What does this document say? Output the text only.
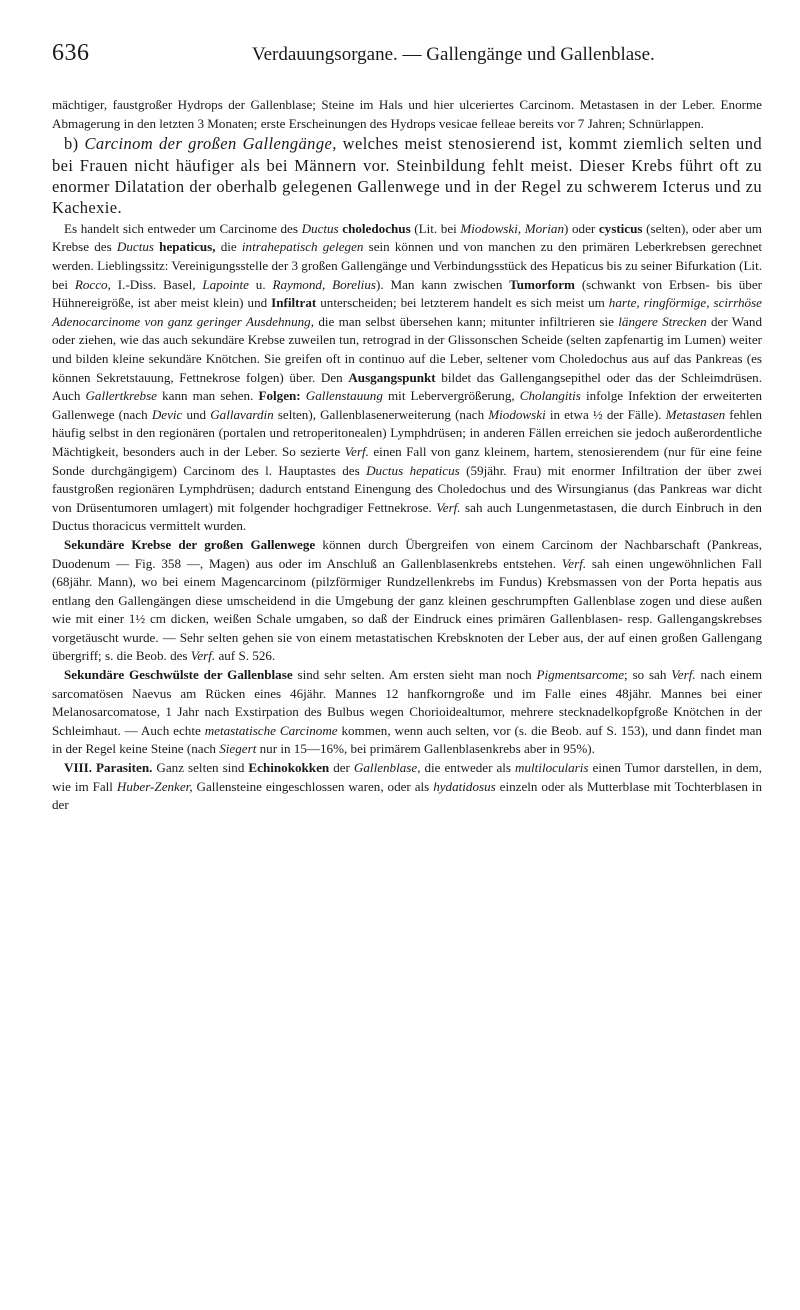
636	Verdauungsorgane. — Gallengänge und Gallenblase.

mächtiger, faustgroßer Hydrops der Gallenblase; Steine im Hals und hier ulceriertes Carcinom. Metastasen in der Leber. Enorme Abmagerung in den letzten 3 Monaten; erste Erscheinungen des Hydrops vesicae felleae bereits vor 7 Jahren; Schnürlappen.

b) Carcinom der großen Gallengänge, welches meist stenosierend ist, kommt ziemlich selten und bei Frauen nicht häufiger als bei Männern vor. Steinbildung fehlt meist. Dieser Krebs führt oft zu enormer Dilatation der oberhalb gelegenen Gallenwege und in der Regel zu schwerem Icterus und zu Kachexie.

Es handelt sich entweder um Carcinome des Ductus choledochus (Lit. bei Miodowski, Morian) oder cysticus (selten), oder aber um Krebse des Ductus hepaticus, die intrahepatisch gelegen sein können und von manchen zu den primären Leberkrebsen gerechnet werden. Lieblingssitz: Vereinigungsstelle der 3 großen Gallengänge und Verbindungsstück des Hepaticus bis zu seiner Bifurkation (Lit. bei Rocco, I.-Diss. Basel, Lapointe u. Raymond, Borelius). Man kann zwischen Tumorform (schwankt von Erbsen- bis über Hühnereigröße, ist aber meist klein) und Infiltrat unterscheiden; bei letzterem handelt es sich meist um harte, ringförmige, scirrhöse Adenocarcinome von ganz geringer Ausdehnung, die man selbst übersehen kann; mitunter infiltrieren sie längere Strecken der Wand oder ziehen, wie das auch sekundäre Krebse zuweilen tun, retrograd in der Glissonschen Scheide (selten zapfenartig im Lumen) weiter und bilden kleine sekundäre Knötchen. Sie greifen oft in continuo auf die Leber, seltener vom Choledochus aus auf das Pankreas (es können Sekretstauung, Fettnekrose folgen) über. Den Ausgangspunkt bildet das Gallengangsepithel oder das der Schleimdrüsen. Auch Gallertkrebse kann man sehen. Folgen: Gallenstauung mit Lebervergrößerung, Cholangitis infolge Infektion der erweiterten Gallenwege (nach Devic und Gallavardin selten), Gallenblasenerweiterung (nach Miodowski in etwa ½ der Fälle). Metastasen fehlen häufig selbst in den regionären (portalen und retroperitonealen) Lymphdrüsen; in anderen Fällen erreichen sie jedoch außerordentliche Mächtigkeit, besonders auch in der Leber. So sezierte Verf. einen Fall von ganz kleinem, hartem, stenosierendem (nur für eine feine Sonde durchgängigem) Carcinom des l. Hauptastes des Ductus hepaticus (59jähr. Frau) mit enormer Infiltration der über zwei faustgroßen regionären Lymphdrüsen; dadurch entstand Einengung des Choledochus und des Wirsungianus (das Pankreas war dicht von Drüsentumoren umlagert) mit folgender hochgradiger Fettnekrose. Verf. sah auch Lungenmetastasen, die durch Einbruch in den Ductus thoracicus vermittelt wurden.

Sekundäre Krebse der großen Gallenwege können durch Übergreifen von einem Carcinom der Nachbarschaft (Pankreas, Duodenum — Fig. 358 —, Magen) aus oder im Anschluß an Gallenblasenkrebs entstehen. Verf. sah einen ungewöhnlichen Fall (68jähr. Mann), wo bei einem Magencarcinom (pilzförmiger Rundzellenkrebs im Fundus) Krebsmassen von der Porta hepatis aus entlang den Gallengängen diese umscheidend in die Umgebung der ganz kleinen geschrumpften Gallenblase zogen und diese außen wie mit einer 1½ cm dicken, weißen Schale umgaben, so daß der Eindruck eines primären Gallenblasen- resp. Gallengangskrebses vorgetäuscht wurde. — Sehr selten gehen sie von einem metastatischen Krebsknoten der Leber aus, der auf einen großen Gallengang übergriff; s. die Beob. des Verf. auf S. 526.

Sekundäre Geschwülste der Gallenblase sind sehr selten. Am ersten sieht man noch Pigmentsarcome; so sah Verf. nach einem sarcomatösen Naevus am Rücken eines 46jähr. Mannes 12 hanfkorngroße und im Falle eines 48jähr. Mannes bei einer Melanosarcomatose, 1 Jahr nach Exstirpation des Bulbus wegen Chorioidealtumor, mehrere stecknadelkopfgroße Knötchen in der Schleimhaut. — Auch echte metastatische Carcinome kommen, wenn auch selten, vor (s. die Beob. auf S. 153), und dann findet man in der Regel keine Steine (nach Siegert nur in 15—16%, bei primärem Gallenblasenkrebs aber in 95%).

VIII. Parasiten. Ganz selten sind Echinokokken der Gallenblase, die entweder als multilocularis einen Tumor darstellen, in dem, wie im Fall Huber-Zenker, Gallensteine eingeschlossen waren, oder als hydatidosus einzeln oder als Mutterblase mit Tochterblasen in der
